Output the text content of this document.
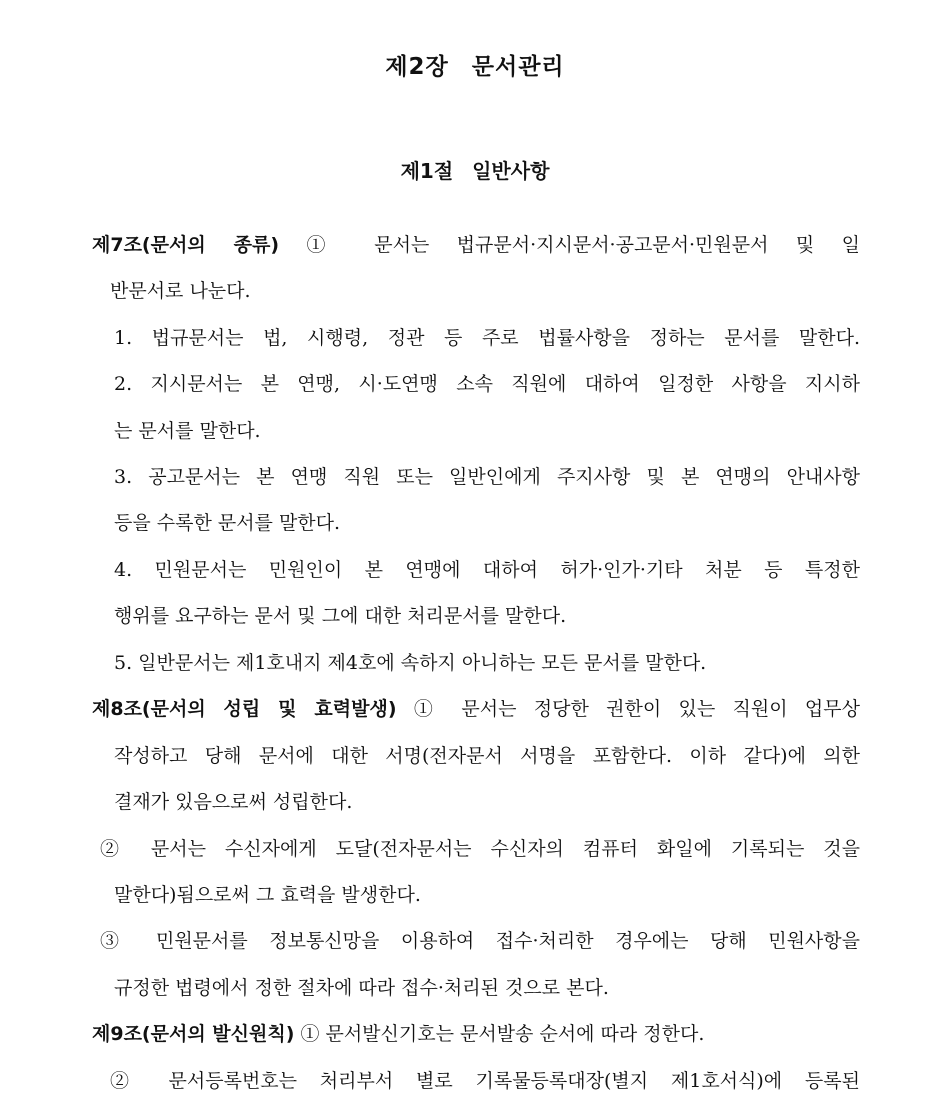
제2장 문서관리
제1절 일반사항
제7조(문서의 종류) ① 문서는 법규문서·지시문서·공고문서·민원문서 및 일
반문서로 나눈다.
1. 법규문서는 법, 시행령, 정관 등 주로 법률사항을 정하는 문서를 말한다.
2. 지시문서는 본 연맹, 시·도연맹 소속 직원에 대하여 일정한 사항을 지시하
는 문서를 말한다.
3. 공고문서는 본 연맹 직원 또는 일반인에게 주지사항 및 본 연맹의 안내사항
등을 수록한 문서를 말한다.
4. 민원문서는 민원인이 본 연맹에 대하여 허가·인가·기타 처분 등 특정한
행위를 요구하는 문서 및 그에 대한 처리문서를 말한다.
5. 일반문서는 제1호내지 제4호에 속하지 아니하는 모든 문서를 말한다.
제8조(문서의 성립 및 효력발생) ① 문서는 정당한 권한이 있는 직원이 업무상
작성하고 당해 문서에 대한 서명(전자문서 서명을 포함한다. 이하 같다)에 의한
결재가 있음으로써 성립한다.
② 문서는 수신자에게 도달(전자문서는 수신자의 컴퓨터 화일에 기록되는 것을
말한다)됨으로써 그 효력을 발생한다.
③ 민원문서를 정보통신망을 이용하여 접수·처리한 경우에는 당해 민원사항을
규정한 법령에서 정한 절차에 따라 접수·처리된 것으로 본다.
제9조(문서의 발신원칙) ① 문서발신기호는 문서발송 순서에 따라 정한다.
② 문서등록번호는 처리부서 별로 기록물등록대장(별지 제1호서식)에 등록된
